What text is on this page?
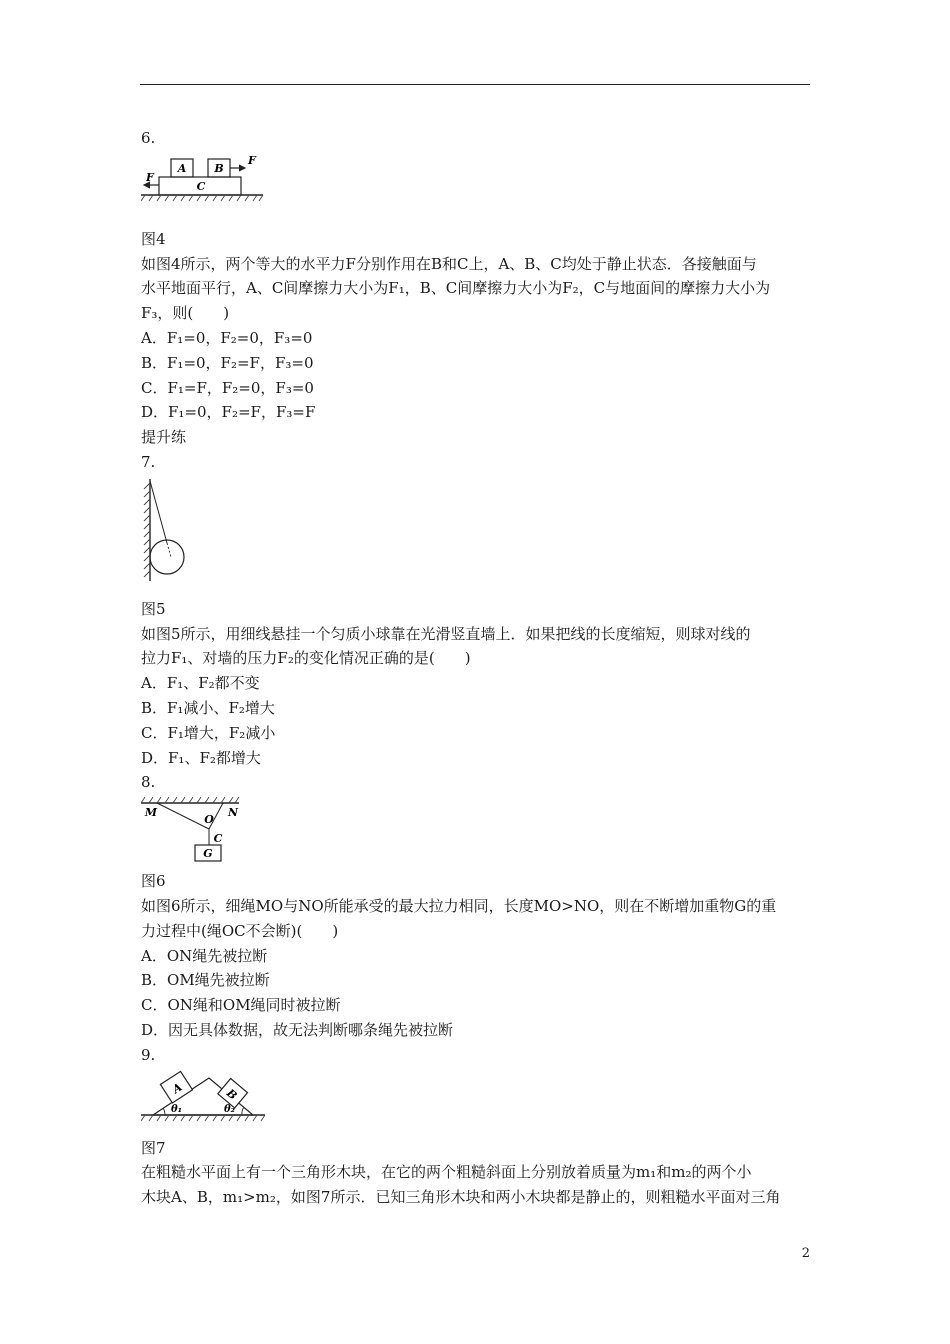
6.
A	B
C
F
F
图4
如图4所示，两个等大的水平力F分别作用在B和C上，A、B、C均处于静止状态．各接触面与
水平地面平行，A、C间摩擦力大小为F₁，B、C间摩擦力大小为F₂，C与地面间的摩擦力大小为
F₃，则(　　)
A．F₁=0，F₂=0，F₃=0
B．F₁=0，F₂=F，F₃=0
C．F₁=F，F₂=0，F₃=0
D．F₁=0，F₂=F，F₃=F
提升练
7.
图5
如图5所示，用细线悬挂一个匀质小球靠在光滑竖直墙上．如果把线的长度缩短，则球对线的
拉力F₁、对墙的压力F₂的变化情况正确的是(　　)
A．F₁、F₂都不变
B．F₁减小、F₂增大
C．F₁增大，F₂减小
D．F₁、F₂都增大
8.
M	N
O
C
G
图6
如图6所示，细绳MO与NO所能承受的最大拉力相同，长度MO>NO，则在不断增加重物G的重
力过程中(绳OC不会断)(　　)
A．ON绳先被拉断
B．OM绳先被拉断
C．ON绳和OM绳同时被拉断
D．因无具体数据，故无法判断哪条绳先被拉断
9.
A	B
θ₁	θ₂
图7
在粗糙水平面上有一个三角形木块，在它的两个粗糙斜面上分别放着质量为m₁和m₂的两个小
木块A、B，m₁>m₂，如图7所示．已知三角形木块和两小木块都是静止的，则粗糙水平面对三角
2
